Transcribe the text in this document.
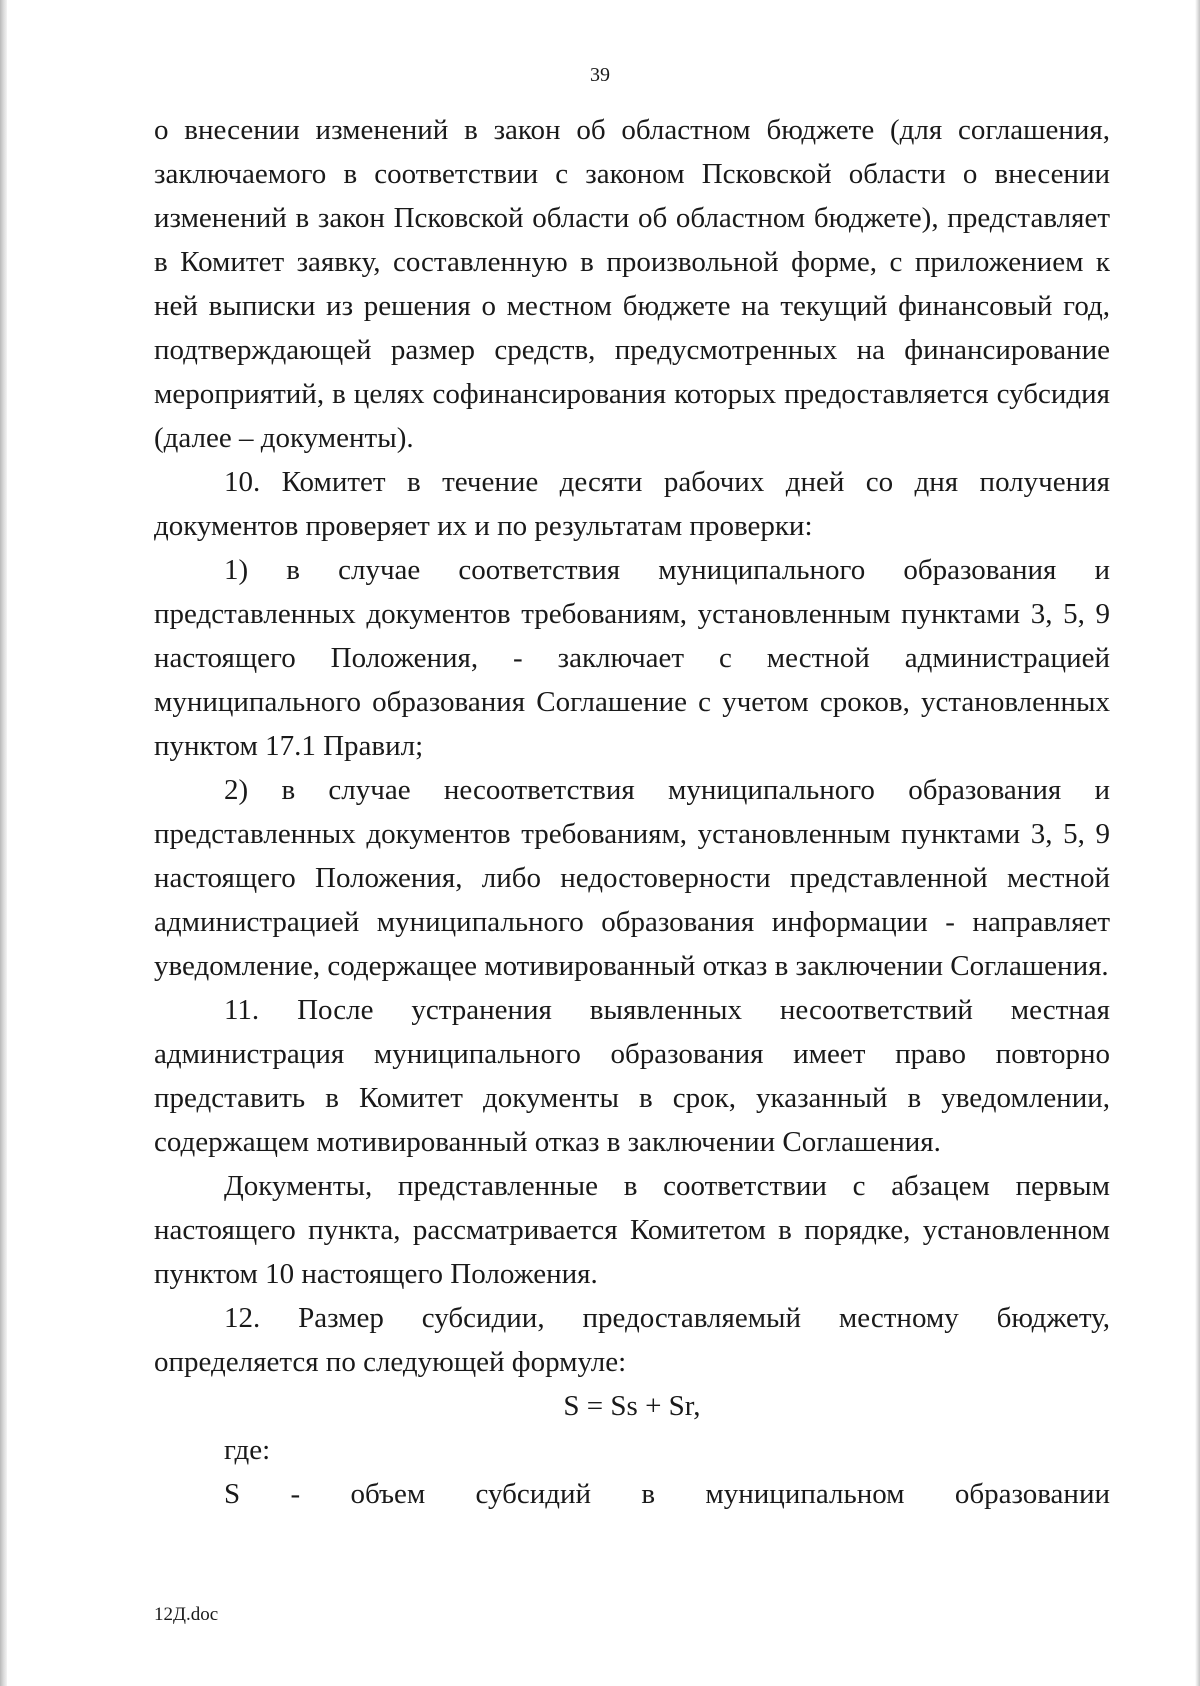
39

о внесении изменений в закон об областном бюджете (для соглашения, заключаемого в соответствии с законом Псковской области о внесении изменений в закон Псковской области об областном бюджете), представляет в Комитет заявку, составленную в произвольной форме, с приложением к ней выписки из решения о местном бюджете на текущий финансовый год, подтверждающей размер средств, предусмотренных на финансирование мероприятий, в целях софинансирования которых предоставляется субсидия (далее – документы).

10. Комитет в течение десяти рабочих дней со дня получения документов проверяет их и по результатам проверки:

1) в случае соответствия муниципального образования и представленных документов требованиям, установленным пунктами 3, 5, 9 настоящего Положения, - заключает с местной администрацией муниципального образования Соглашение с учетом сроков, установленных пунктом 17.1 Правил;

2) в случае несоответствия муниципального образования и представленных документов требованиям, установленным пунктами 3, 5, 9 настоящего Положения, либо недостоверности представленной местной администрацией муниципального образования информации - направляет уведомление, содержащее мотивированный отказ в заключении Соглашения.

11. После устранения выявленных несоответствий местная администрация муниципального образования имеет право повторно представить в Комитет документы в срок, указанный в уведомлении, содержащем мотивированный отказ в заключении Соглашения.

Документы, представленные в соответствии с абзацем первым настоящего пункта, рассматривается Комитетом в порядке, установленном пунктом 10 настоящего Положения.

12. Размер субсидии, предоставляемый местному бюджету, определяется по следующей формуле:

S = Ss + Sr,

где:

S - объем субсидий в муниципальном образовании

12Д.doc
